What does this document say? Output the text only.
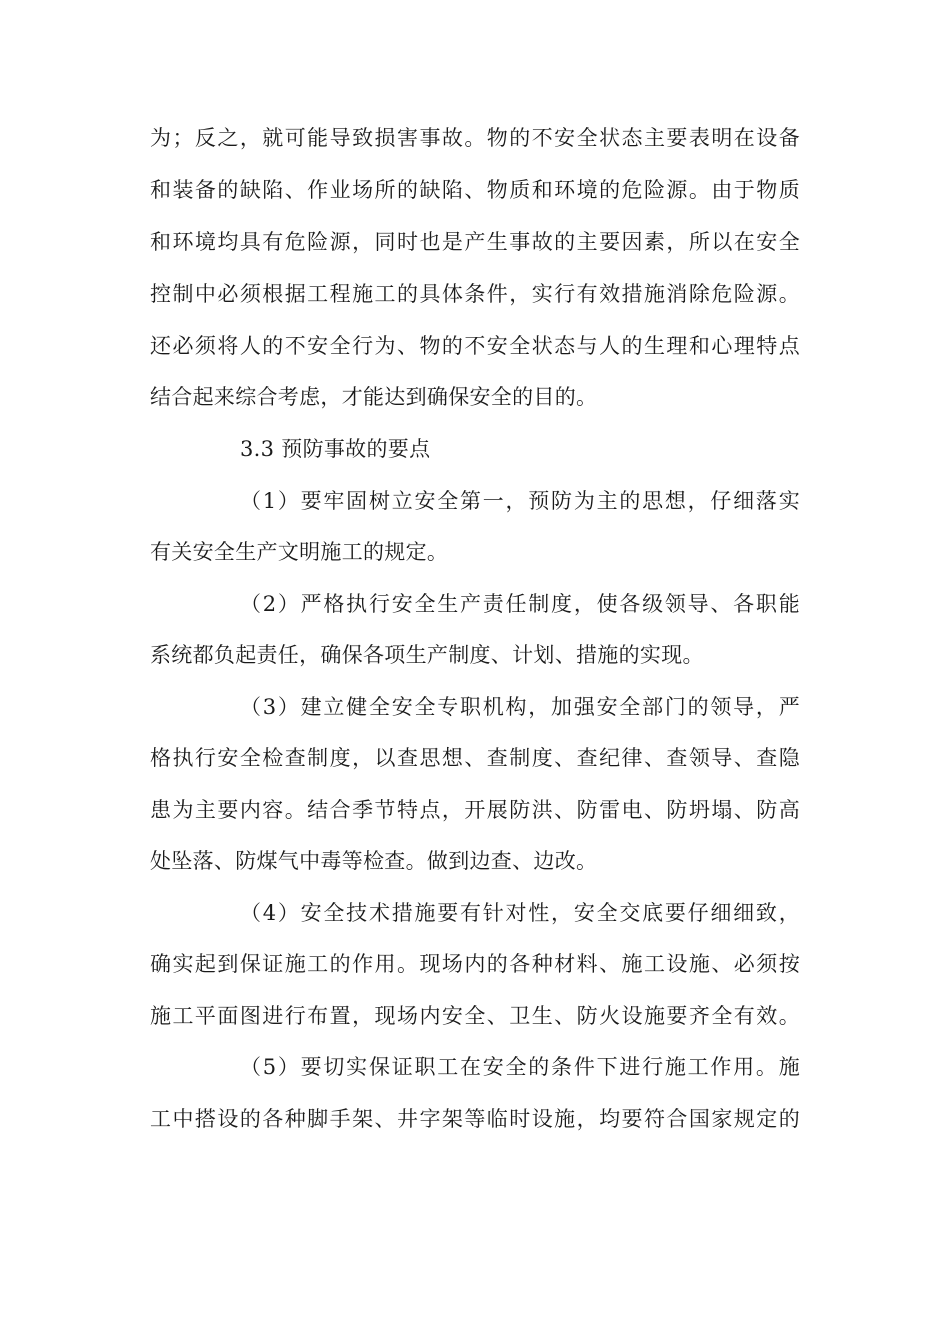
为；反之，就可能导致损害事故。物的不安全状态主要表明在设备
和装备的缺陷、作业场所的缺陷、物质和环境的危险源。由于物质
和环境均具有危险源，同时也是产生事故的主要因素，所以在安全
控制中必须根据工程施工的具体条件，实行有效措施消除危险源。
还必须将人的不安全行为、物的不安全状态与人的生理和心理特点
结合起来综合考虑，才能达到确保安全的目的。
3.3 预防事故的要点
（1）要牢固树立安全第一，预防为主的思想，仔细落实
有关安全生产文明施工的规定。
（2）严格执行安全生产责任制度，使各级领导、各职能
系统都负起责任，确保各项生产制度、计划、措施的实现。
（3）建立健全安全专职机构，加强安全部门的领导，严
格执行安全检查制度，以查思想、查制度、查纪律、查领导、查隐
患为主要内容。结合季节特点，开展防洪、防雷电、防坍塌、防高
处坠落、防煤气中毒等检查。做到边查、边改。
（4）安全技术措施要有针对性，安全交底要仔细细致，
确实起到保证施工的作用。现场内的各种材料、施工设施、必须按
施工平面图进行布置，现场内安全、卫生、防火设施要齐全有效。
（5）要切实保证职工在安全的条件下进行施工作用。施
工中搭设的各种脚手架、井字架等临时设施，均要符合国家规定的
